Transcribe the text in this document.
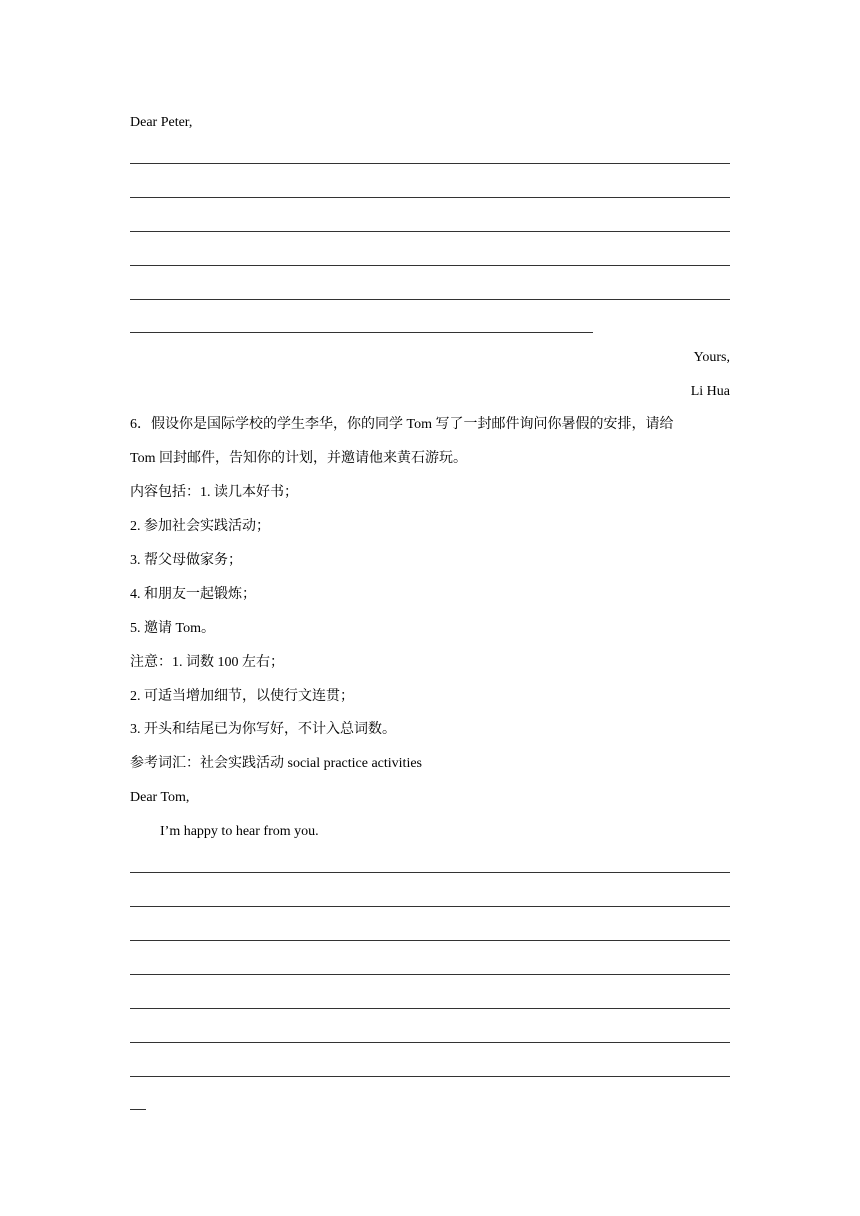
Dear Peter,
Yours,
Li Hua
6．假设你是国际学校的学生李华，你的同学 Tom 写了一封邮件询问你暑假的安排，请给
Tom 回封邮件，告知你的计划，并邀请他来黄石游玩。
内容包括：1. 读几本好书；
2. 参加社会实践活动；
3. 帮父母做家务；
4. 和朋友一起锻炼；
5. 邀请 Tom。
注意：1. 词数 100 左右；
2. 可适当增加细节，以使行文连贯；
3. 开头和结尾已为你写好，不计入总词数。
参考词汇：社会实践活动 social practice activities
Dear Tom,
I’m happy to hear from you.
